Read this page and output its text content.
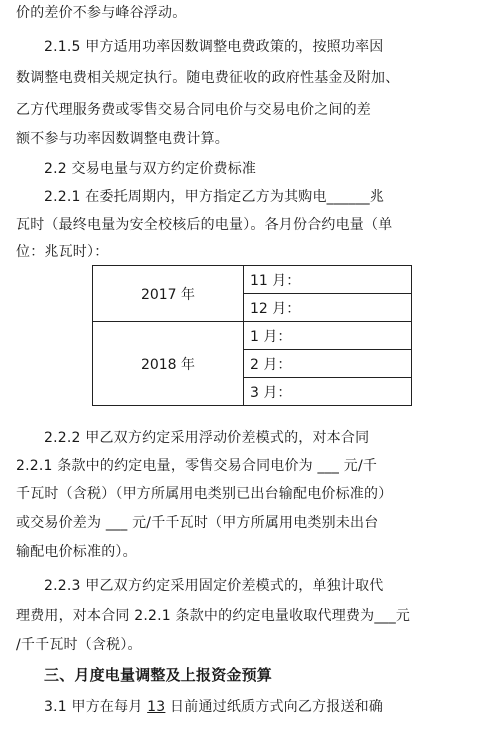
价的差价不参与峰谷浮动。
2.1.5 甲方适用功率因数调整电费政策的，按照功率因
数调整电费相关规定执行。随电费征收的政府性基金及附加、
乙方代理服务费或零售交易合同电价与交易电价之间的差
额不参与功率因数调整电费计算。
2.2 交易电量与双方约定价费标准
2.2.1 在委托周期内，甲方指定乙方为其购电______兆
瓦时（最终电量为安全校核后的电量）。各月份合约电量（单
位：兆瓦时）：
2017 年	11 月：
	12 月：
2018 年	1 月：
	2 月：
	3 月：
2.2.2 甲乙双方约定采用浮动价差模式的，对本合同
2.2.1 条款中的约定电量，零售交易合同电价为 ___ 元/千
千瓦时（含税）（甲方所属用电类别已出台输配电价标准的）
或交易价差为 ___ 元/千千瓦时（甲方所属用电类别未出台
输配电价标准的）。
2.2.3 甲乙双方约定采用固定价差模式的，单独计取代
理费用，对本合同 2.2.1 条款中的约定电量收取代理费为___元
/千千瓦时（含税）。
三、月度电量调整及上报资金预算
3.1 甲方在每月 13 日前通过纸质方式向乙方报送和确
